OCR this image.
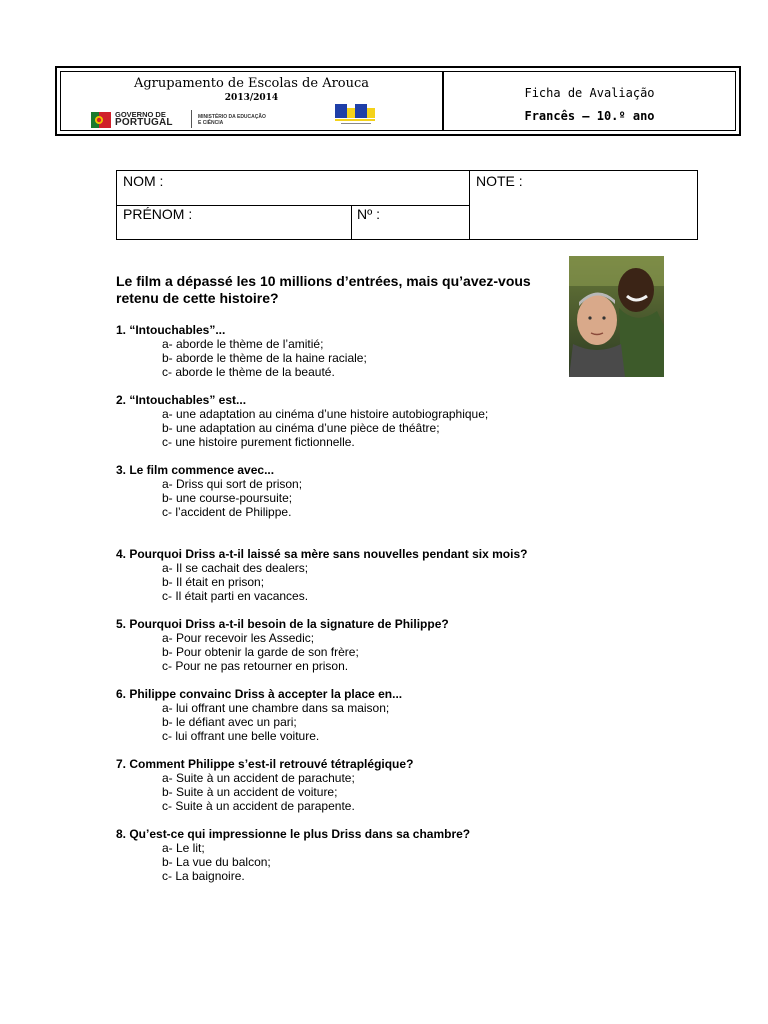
Agrupamento de Escolas de Arouca
2013/2014
GOVERNO DE
PORTUGAL	MINISTÉRIO DA EDUCAÇÃO
E CIÊNCIA
Ficha de Avaliação
Francês – 10.º ano
NOM :	NOTE :
PRÉNOM :	Nº :
Le film a dépassé les 10 millions d’entrées, mais qu’avez-vous retenu de cette histoire?
1. “Intouchables”...
a- aborde le thème de l’amitié;
b- aborde le thème de la haine raciale;
c- aborde le thème de la beauté.
2. “Intouchables” est...
a- une adaptation au cinéma d’une histoire autobiographique;
b- une adaptation au cinéma d’une pièce de théâtre;
c- une histoire purement fictionnelle.
3. Le film commence avec...
a- Driss qui sort de prison;
b- une course-poursuite;
c- l’accident de Philippe.
4. Pourquoi Driss a-t-il laissé sa mère sans nouvelles pendant six mois?
a- Il se cachait des dealers;
b- Il était en prison;
c- Il était parti en vacances.
5. Pourquoi Driss a-t-il besoin de la signature de Philippe?
a- Pour recevoir les Assedic;
b- Pour obtenir la garde de son frère;
c- Pour ne pas retourner en prison.
6. Philippe convainc Driss à accepter la place en...
a- lui offrant une chambre dans sa maison;
b- le défiant avec un pari;
c- lui offrant une belle voiture.
7. Comment Philippe s’est-il retrouvé tétraplégique?
a- Suite à un accident de parachute;
b- Suite à un accident de voiture;
c- Suite à un accident de parapente.
8. Qu’est-ce qui impressionne le plus Driss dans sa chambre?
a- Le lit;
b- La vue du balcon;
c- La baignoire.
